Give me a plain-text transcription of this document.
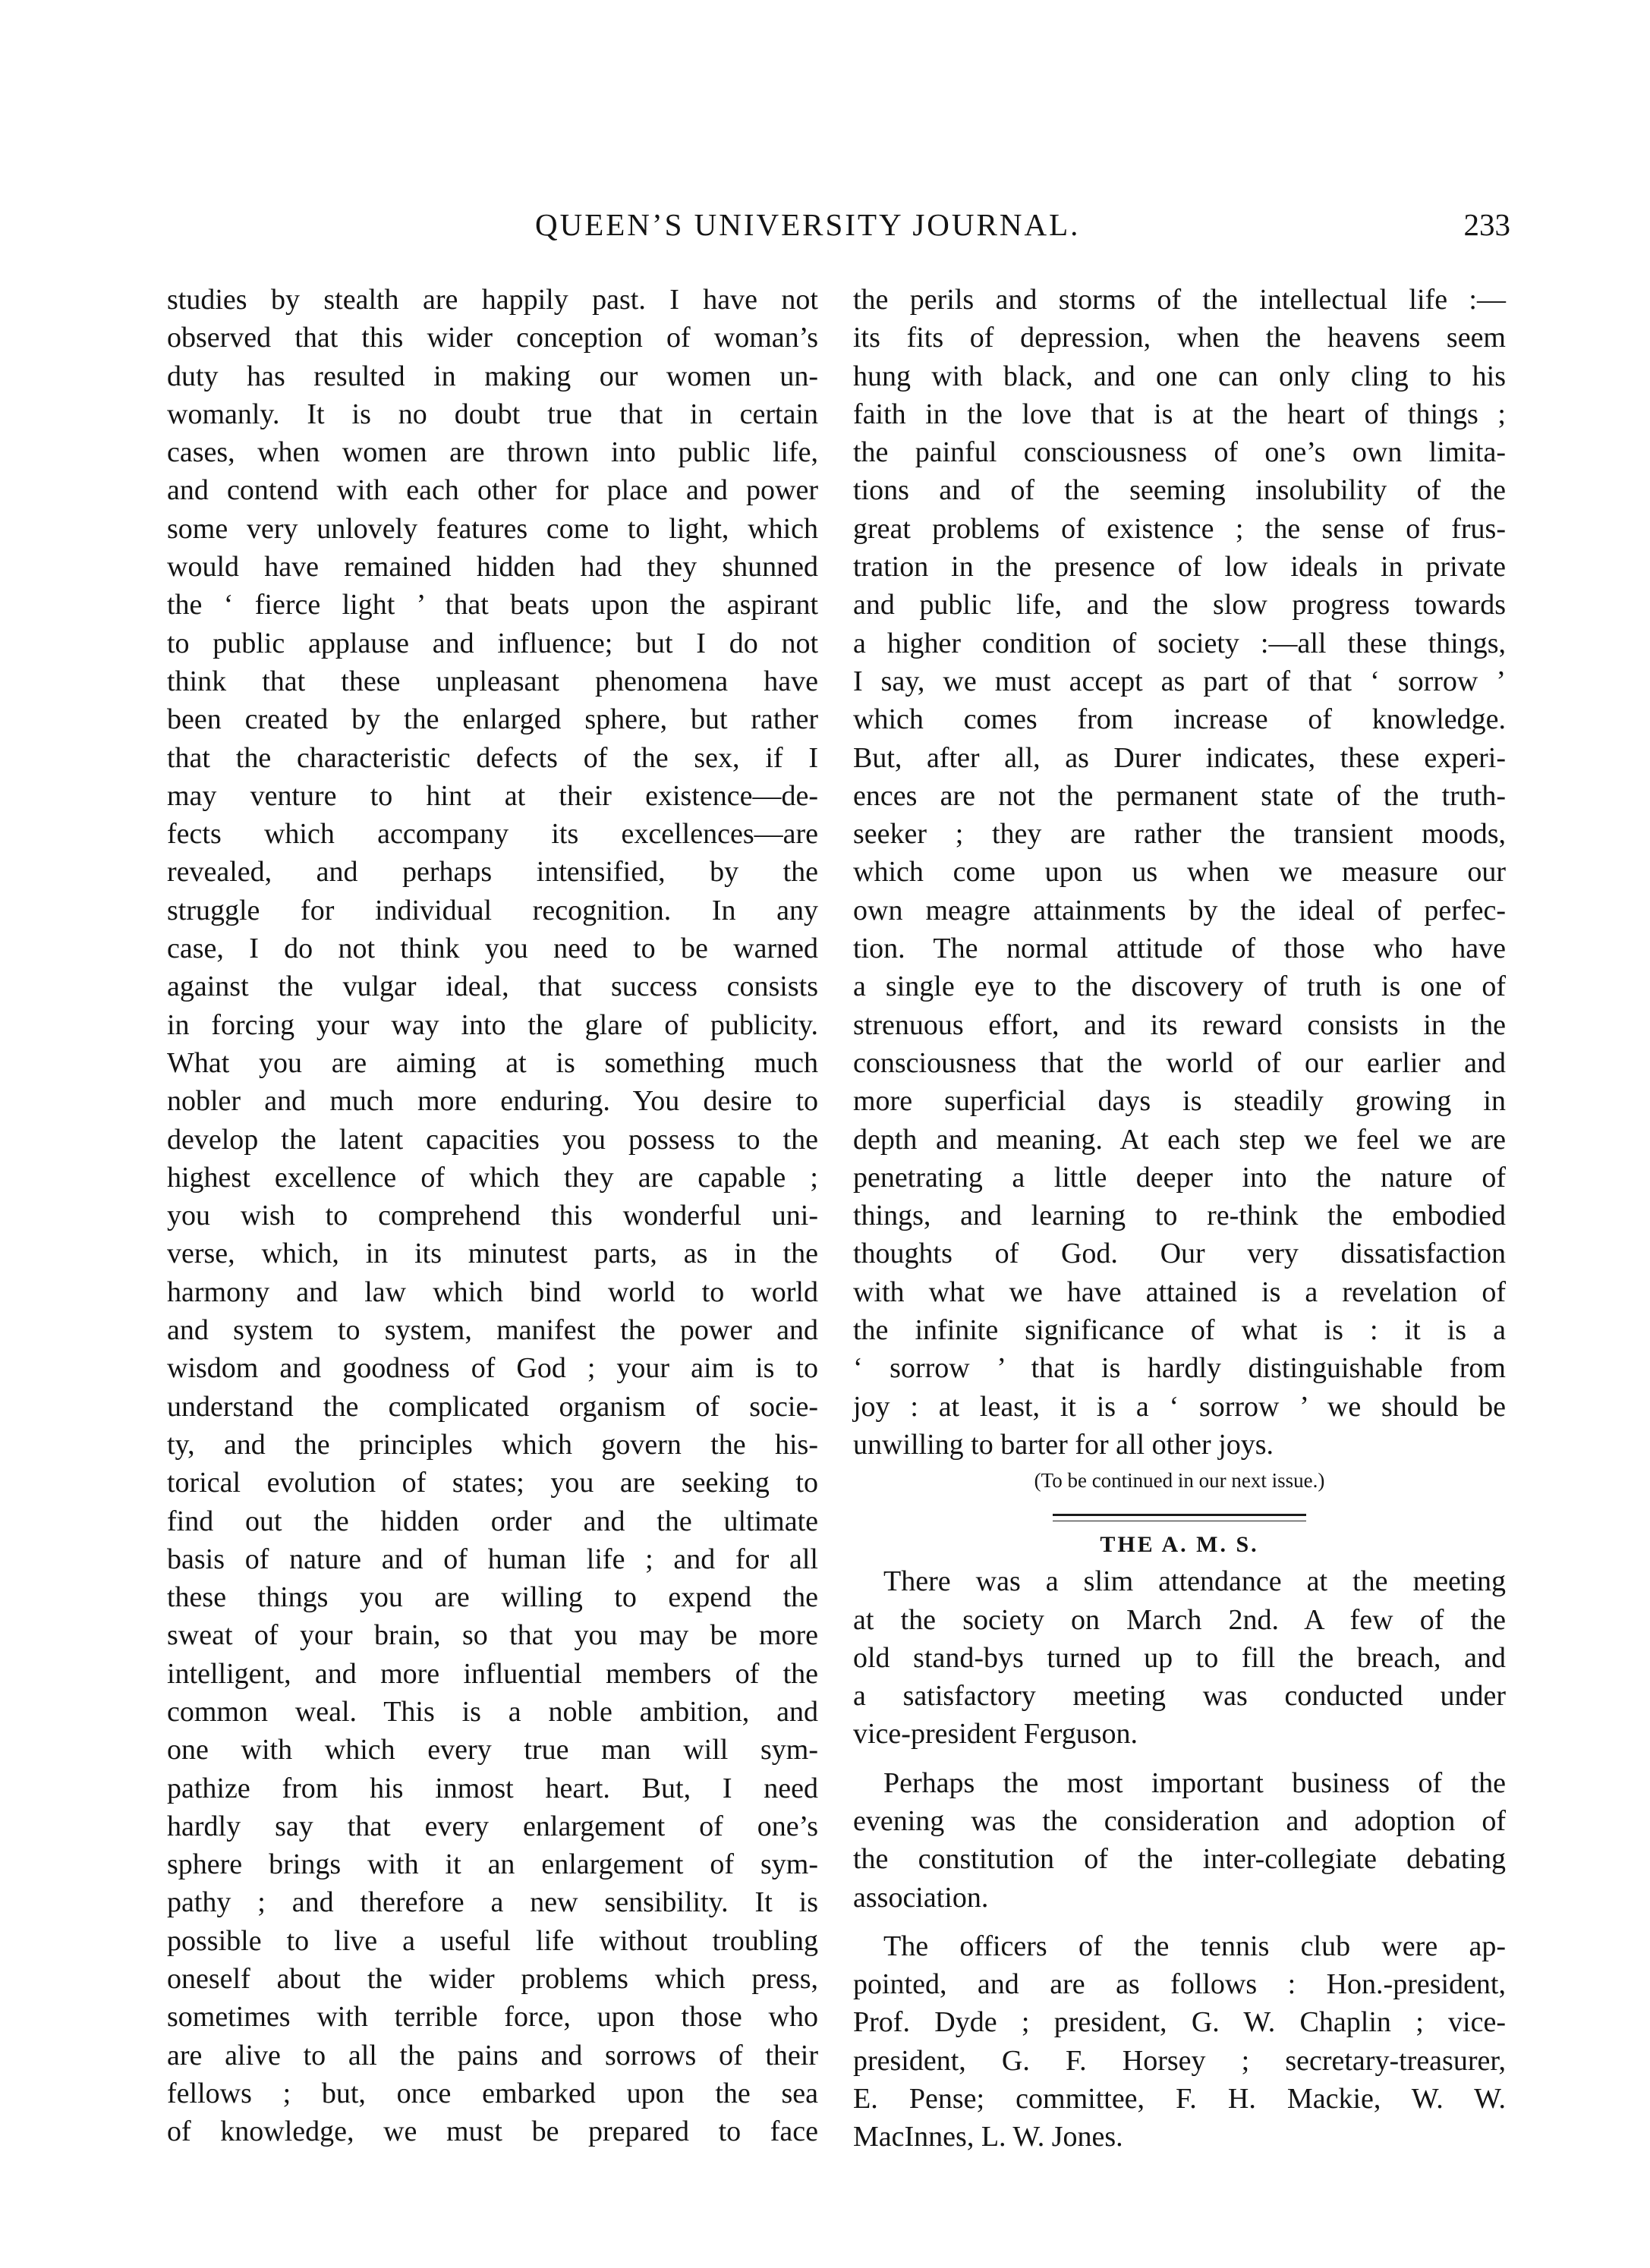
QUEEN’S UNIVERSITY JOURNAL.	233
studies by stealth are happily past. I have not
observed that this wider conception of woman’s
duty has resulted in making our women un-
womanly. It is no doubt true that in certain
cases, when women are thrown into public life,
and contend with each other for place and power
some very unlovely features come to light, which
would have remained hidden had they shunned
the ‘ fierce light ’ that beats upon the aspirant
to public applause and influence; but I do not
think that these unpleasant phenomena have
been created by the enlarged sphere, but rather
that the characteristic defects of the sex, if I
may venture to hint at their existence—de-
fects which accompany its excellences—are
revealed, and perhaps intensified, by the
struggle for individual recognition. In any
case, I do not think you need to be warned
against the vulgar ideal, that success consists
in forcing your way into the glare of publicity.
What you are aiming at is something much
nobler and much more enduring. You desire to
develop the latent capacities you possess to the
highest excellence of which they are capable ;
you wish to comprehend this wonderful uni-
verse, which, in its minutest parts, as in the
harmony and law which bind world to world
and system to system, manifest the power and
wisdom and goodness of God ; your aim is to
understand the complicated organism of socie-
ty, and the principles which govern the his-
torical evolution of states; you are seeking to
find out the hidden order and the ultimate
basis of nature and of human life ; and for all
these things you are willing to expend the
sweat of your brain, so that you may be more
intelligent, and more influential members of the
common weal. This is a noble ambition, and
one with which every true man will sym-
pathize from his inmost heart. But, I need
hardly say that every enlargement of one’s
sphere brings with it an enlargement of sym-
pathy ; and therefore a new sensibility. It is
possible to live a useful life without troubling
oneself about the wider problems which press,
sometimes with terrible force, upon those who
are alive to all the pains and sorrows of their
fellows ; but, once embarked upon the sea
of knowledge, we must be prepared to face
the perils and storms of the intellectual life :—
its fits of depression, when the heavens seem
hung with black, and one can only cling to his
faith in the love that is at the heart of things ;
the painful consciousness of one’s own limita-
tions and of the seeming insolubility of the
great problems of existence ; the sense of frus-
tration in the presence of low ideals in private
and public life, and the slow progress towards
a higher condition of society :—all these things,
I say, we must accept as part of that ‘ sorrow ’
which comes from increase of knowledge.
But, after all, as Durer indicates, these experi-
ences are not the permanent state of the truth-
seeker ; they are rather the transient moods,
which come upon us when we measure our
own meagre attainments by the ideal of perfec-
tion. The normal attitude of those who have
a single eye to the discovery of truth is one of
strenuous effort, and its reward consists in the
consciousness that the world of our earlier and
more superficial days is steadily growing in
depth and meaning. At each step we feel we are
penetrating a little deeper into the nature of
things, and learning to re-think the embodied
thoughts of God. Our very dissatisfaction
with what we have attained is a revelation of
the infinite significance of what is : it is a
‘ sorrow ’ that is hardly distinguishable from
joy : at least, it is a ‘ sorrow ’ we should be
unwilling to barter for all other joys.
(To be continued in our next issue.)
THE A. M. S.
There was a slim attendance at the meeting
at the society on March 2nd. A few of the
old stand-bys turned up to fill the breach, and
a satisfactory meeting was conducted under
vice-president Ferguson.
Perhaps the most important business of the
evening was the consideration and adoption of
the constitution of the inter-collegiate debating
association.
The officers of the tennis club were ap-
pointed, and are as follows : Hon.-president,
Prof. Dyde ; president, G. W. Chaplin ; vice-
president, G. F. Horsey ; secretary-treasurer,
E. Pense; committee, F. H. Mackie, W. W.
MacInnes, L. W. Jones.
